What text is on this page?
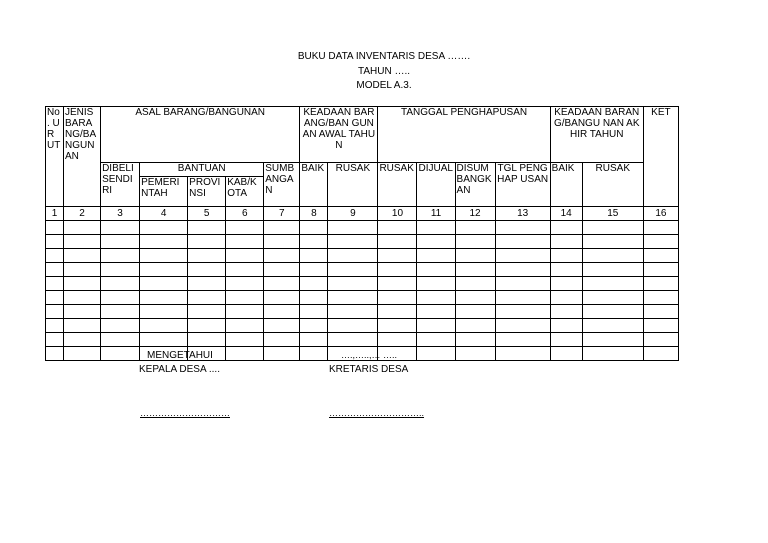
BUKU DATA INVENTARIS DESA …….
TAHUN …..
MODEL A.3.
No . UR UT	JENIS BARA NG/BA NGUN AN	ASAL BARANG/BANGUNAN					KEADAAN BARANG/BAN GUNAN AWAL TAHUN		TANGGAL PENGHAPUSAN				KEADAAN BARANG/BANGU NAN AKHIR TAHUN		KET
		DIBELI SENDI RI	BANTUAN			SUMB ANGA N	BAIK	RUSAK	RUSAK	DIJUAL	DISUM BANGK AN	TGL PENGHAP USAN	BAIK	RUSAK	
			PEMERI NTAH	PROVI NSI	KAB/K OTA										
1	2	3	4	5	6	7	8	9	10	11	12	13	14	15	16

MENGETAHUI
KEPALA DESA ....
….,…..,… …..
KRETARIS DESA
…………………………	…………………………..
